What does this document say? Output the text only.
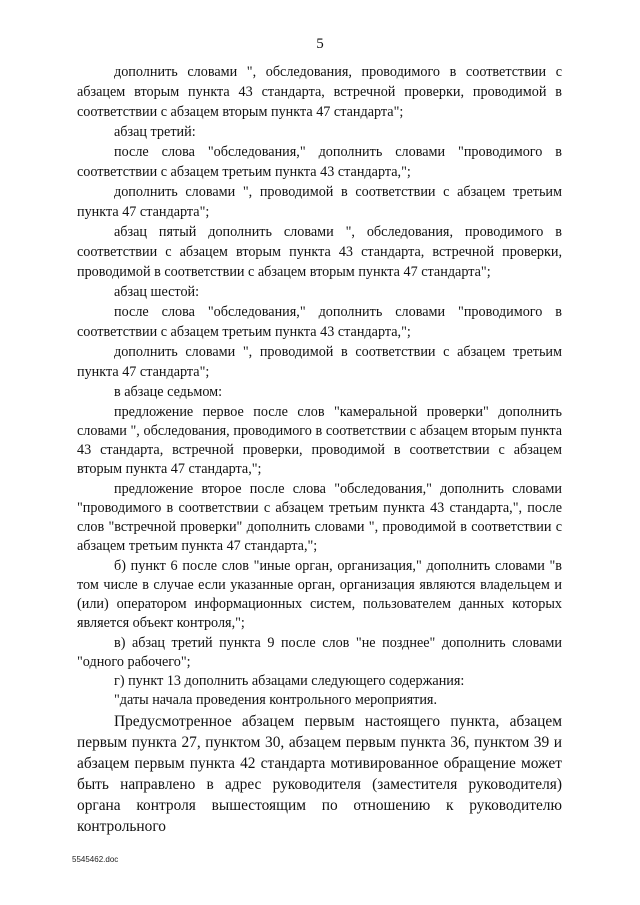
5

дополнить словами ", обследования, проводимого в соответствии с абзацем вторым пункта 43 стандарта, встречной проверки, проводимой в соответствии с абзацем вторым пункта 47 стандарта";

абзац третий:

после слова "обследования," дополнить словами "проводимого в соответствии с абзацем третьим пункта 43 стандарта,";

дополнить словами ", проводимой в соответствии с абзацем третьим пункта 47 стандарта";

абзац пятый дополнить словами ", обследования, проводимого в соответствии с абзацем вторым пункта 43 стандарта, встречной проверки, проводимой в соответствии с абзацем вторым пункта 47 стандарта";

абзац шестой:

после слова "обследования," дополнить словами "проводимого в соответствии с абзацем третьим пункта 43 стандарта,";

дополнить словами ", проводимой в соответствии с абзацем третьим пункта 47 стандарта";

в абзаце седьмом:

предложение первое после слов "камеральной проверки" дополнить словами ", обследования, проводимого в соответствии с абзацем вторым пункта 43 стандарта, встречной проверки, проводимой в соответствии с абзацем вторым пункта 47 стандарта,";

предложение второе после слова "обследования," дополнить словами "проводимого в соответствии с абзацем третьим пункта 43 стандарта,", после слов "встречной проверки" дополнить словами ", проводимой в соответствии с абзацем третьим пункта 47 стандарта,";

б) пункт 6 после слов "иные орган, организация," дополнить словами "в том числе в случае если указанные орган, организация являются владельцем и (или) оператором информационных систем, пользователем данных которых является объект контроля,";

в) абзац третий пункта 9 после слов "не позднее" дополнить словами "одного рабочего";

г) пункт 13 дополнить абзацами следующего содержания:

"даты начала проведения контрольного мероприятия.

Предусмотренное абзацем первым настоящего пункта, абзацем первым пункта 27, пунктом 30, абзацем первым пункта 36, пунктом 39 и абзацем первым пункта 42 стандарта мотивированное обращение может быть направлено в адрес руководителя (заместителя руководителя) органа контроля вышестоящим по отношению к руководителю контрольного

5545462.doc
